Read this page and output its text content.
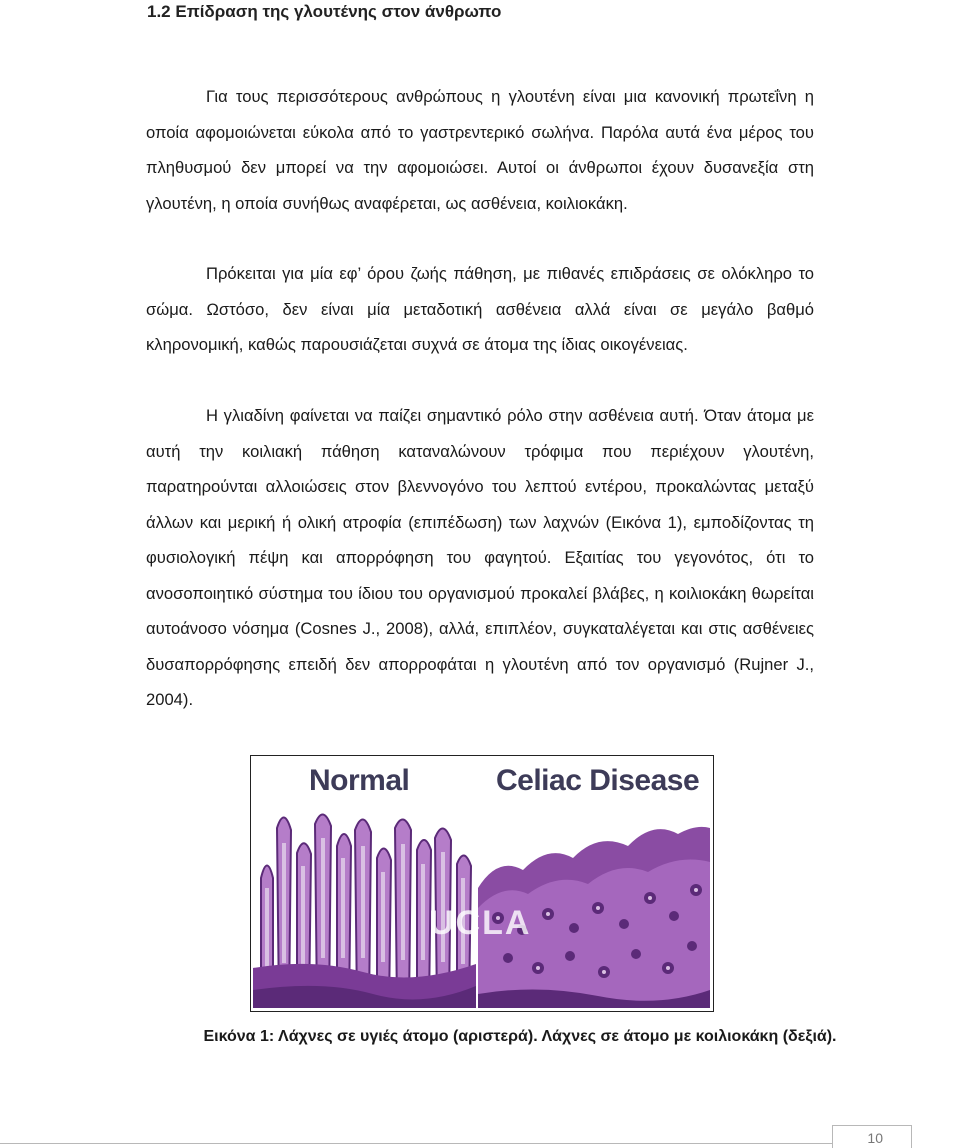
1.2 Επίδραση της γλουτένης στον άνθρωπο
Για τους περισσότερους ανθρώπους η γλουτένη είναι μια κανονική πρωτεΐνη η οποία αφομοιώνεται εύκολα από το γαστρεντερικό σωλήνα. Παρόλα αυτά ένα μέρος του πληθυσμού δεν μπορεί να την αφομοιώσει. Αυτοί οι άνθρωποι έχουν δυσανεξία στη γλουτένη, η οποία συνήθως αναφέρεται, ως ασθένεια, κοιλιοκάκη.
Πρόκειται για μία εφ’ όρου ζωής πάθηση, με πιθανές επιδράσεις σε ολόκληρο το σώμα. Ωστόσο, δεν είναι μία μεταδοτική ασθένεια αλλά είναι σε μεγάλο βαθμό κληρονομική, καθώς παρουσιάζεται συχνά σε άτομα της ίδιας οικογένειας.
Η γλιαδίνη φαίνεται να παίζει σημαντικό ρόλο στην ασθένεια αυτή. Όταν άτομα με αυτή την κοιλιακή πάθηση καταναλώνουν τρόφιμα που περιέχουν γλουτένη, παρατηρούνται αλλοιώσεις στον βλεννογόνο του λεπτού εντέρου, προκαλώντας μεταξύ άλλων και μερική ή ολική ατροφία (επιπέδωση) των λαχνών (Εικόνα 1), εμποδίζοντας τη φυσιολογική πέψη και απορρόφηση του φαγητού. Εξαιτίας του γεγονότος, ότι το ανοσοποιητικό σύστημα του ίδιου του οργανισμού προκαλεί βλάβες, η κοιλιοκάκη θωρείται αυτοάνοσο νόσημα (Cosnes J., 2008), αλλά, επιπλέον, συγκαταλέγεται και στις ασθένειες δυσαπορρόφησης επειδή δεν απορροφάται η γλουτένη από τον οργανισμό (Rujner J., 2004).
Normal	Celiac Disease
UCLA
Εικόνα 1: Λάχνες σε υγιές άτομο (αριστερά). Λάχνες σε άτομο με κοιλιοκάκη (δεξιά).
10
